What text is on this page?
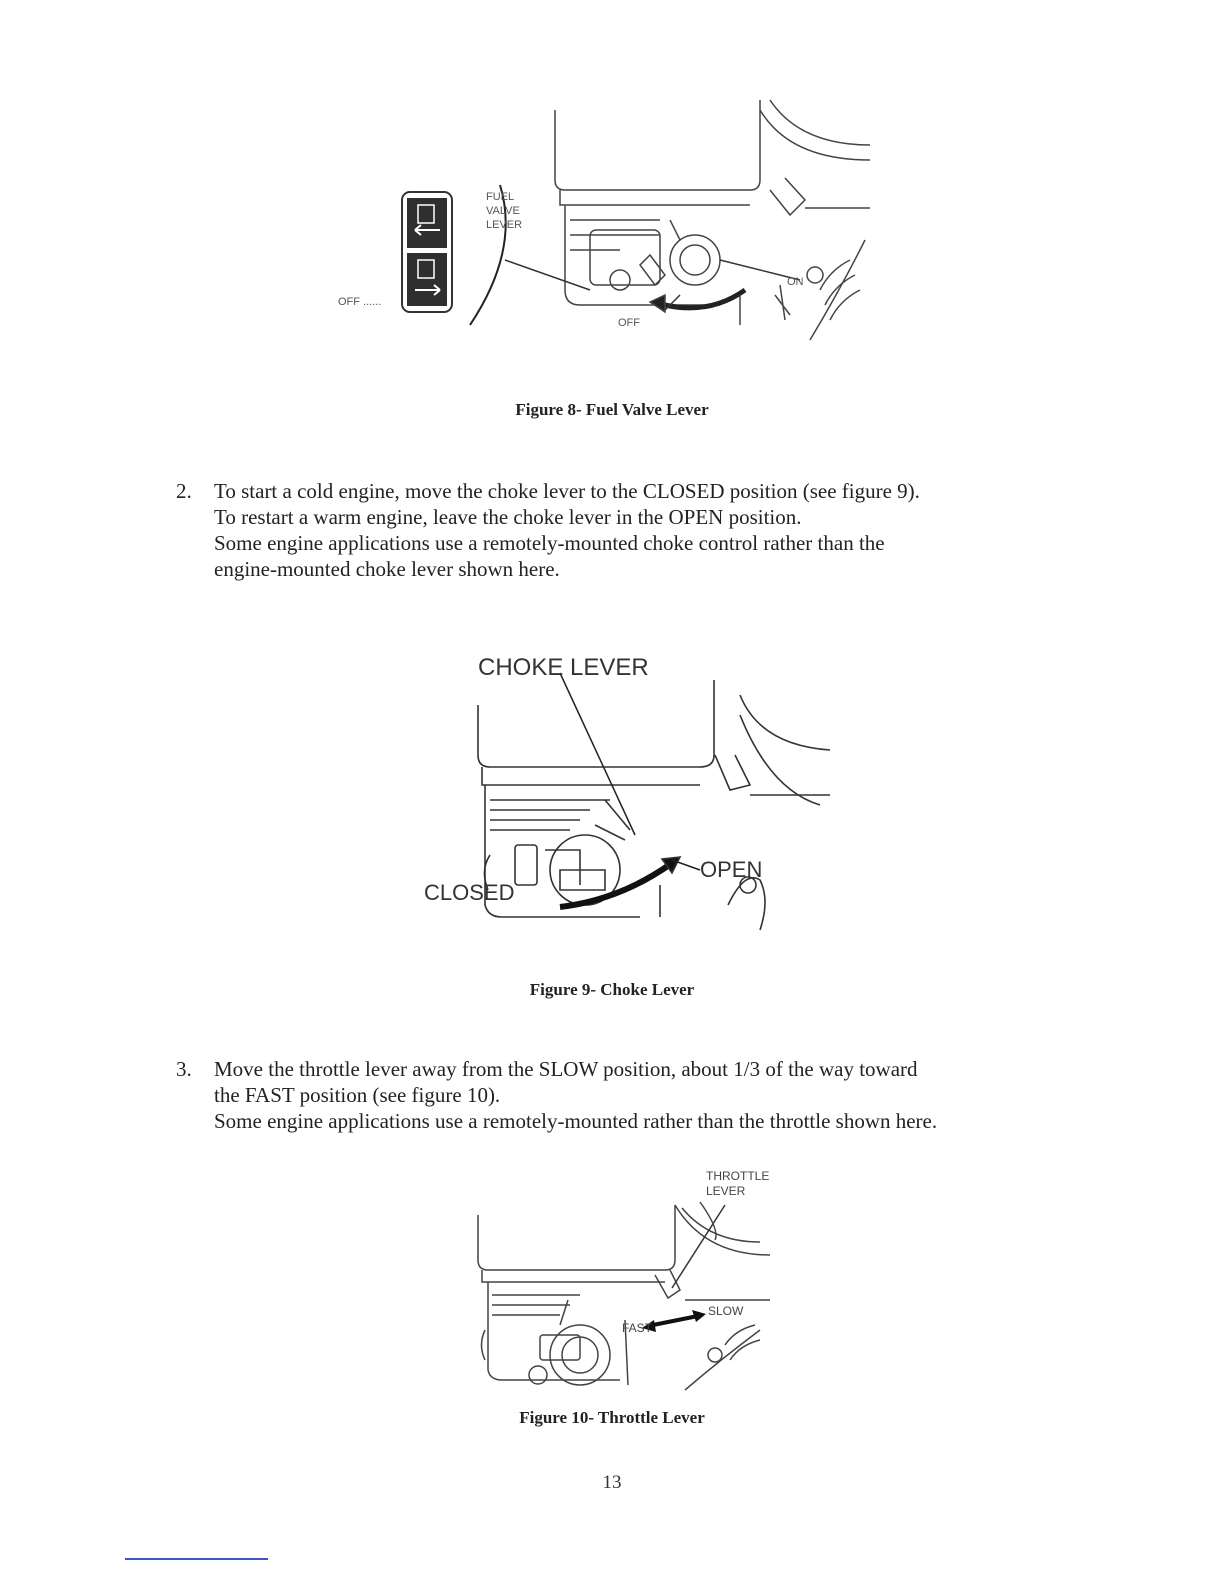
FUEL
VALVE
LEVER
ON
OFF
OFF ......
Figure 8- Fuel Valve Lever
2. To start a cold engine, move the choke lever to the CLOSED position (see figure 9).
To restart a warm engine, leave the choke lever in the OPEN position.
Some engine applications use a remotely-mounted choke control rather than the
engine-mounted choke lever shown here.
CHOKE LEVER
CLOSED
OPEN
Figure 9- Choke Lever
3. Move the throttle lever away from the SLOW position, about 1/3 of the way toward
the FAST position (see figure 10).
Some engine applications use a remotely-mounted rather than the throttle shown here.
THROTTLE
LEVER
FAST
SLOW
Figure 10- Throttle Lever
13
